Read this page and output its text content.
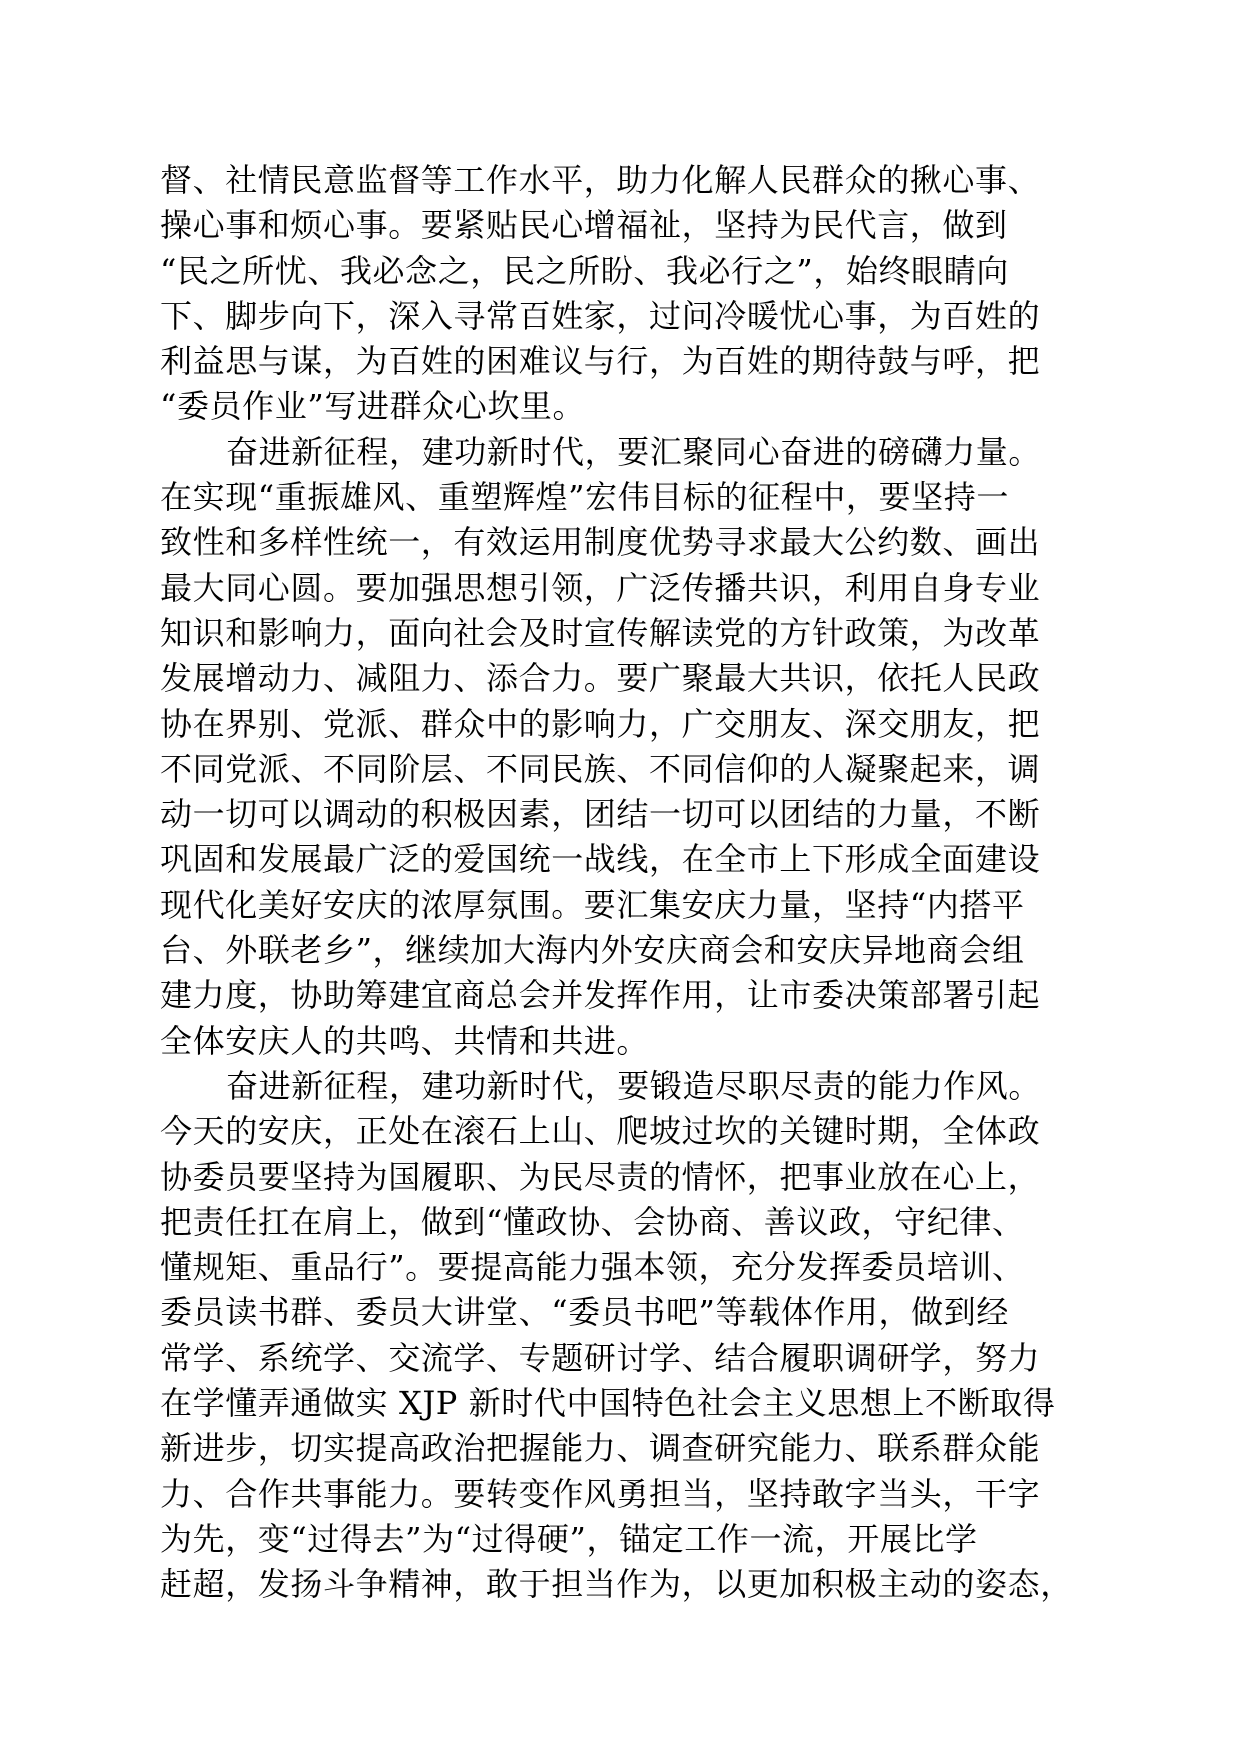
督、社情民意监督等工作水平，助力化解人民群众的揪心事、
操心事和烦心事。要紧贴民心增福祉，坚持为民代言，做到
“民之所忧、我必念之，民之所盼、我必行之”，始终眼睛向
下、脚步向下，深入寻常百姓家，过问冷暖忧心事，为百姓的
利益思与谋，为百姓的困难议与行，为百姓的期待鼓与呼，把
“委员作业”写进群众心坎里。
奋进新征程，建功新时代，要汇聚同心奋进的磅礴力量。
在实现“重振雄风、重塑辉煌”宏伟目标的征程中，要坚持一
致性和多样性统一，有效运用制度优势寻求最大公约数、画出
最大同心圆。要加强思想引领，广泛传播共识，利用自身专业
知识和影响力，面向社会及时宣传解读党的方针政策，为改革
发展增动力、减阻力、添合力。要广聚最大共识，依托人民政
协在界别、党派、群众中的影响力，广交朋友、深交朋友，把
不同党派、不同阶层、不同民族、不同信仰的人凝聚起来，调
动一切可以调动的积极因素，团结一切可以团结的力量，不断
巩固和发展最广泛的爱国统一战线，在全市上下形成全面建设
现代化美好安庆的浓厚氛围。要汇集安庆力量，坚持“内搭平
台、外联老乡”，继续加大海内外安庆商会和安庆异地商会组
建力度，协助筹建宜商总会并发挥作用，让市委决策部署引起
全体安庆人的共鸣、共情和共进。
奋进新征程，建功新时代，要锻造尽职尽责的能力作风。
今天的安庆，正处在滚石上山、爬坡过坎的关键时期，全体政
协委员要坚持为国履职、为民尽责的情怀，把事业放在心上，
把责任扛在肩上，做到“懂政协、会协商、善议政，守纪律、
懂规矩、重品行”。要提高能力强本领，充分发挥委员培训、
委员读书群、委员大讲堂、“委员书吧”等载体作用，做到经
常学、系统学、交流学、专题研讨学、结合履职调研学，努力
在学懂弄通做实 XJP 新时代中国特色社会主义思想上不断取得
新进步，切实提高政治把握能力、调查研究能力、联系群众能
力、合作共事能力。要转变作风勇担当，坚持敢字当头，干字
为先，变“过得去”为“过得硬”，锚定工作一流，开展比学
赶超，发扬斗争精神，敢于担当作为，以更加积极主动的姿态，
